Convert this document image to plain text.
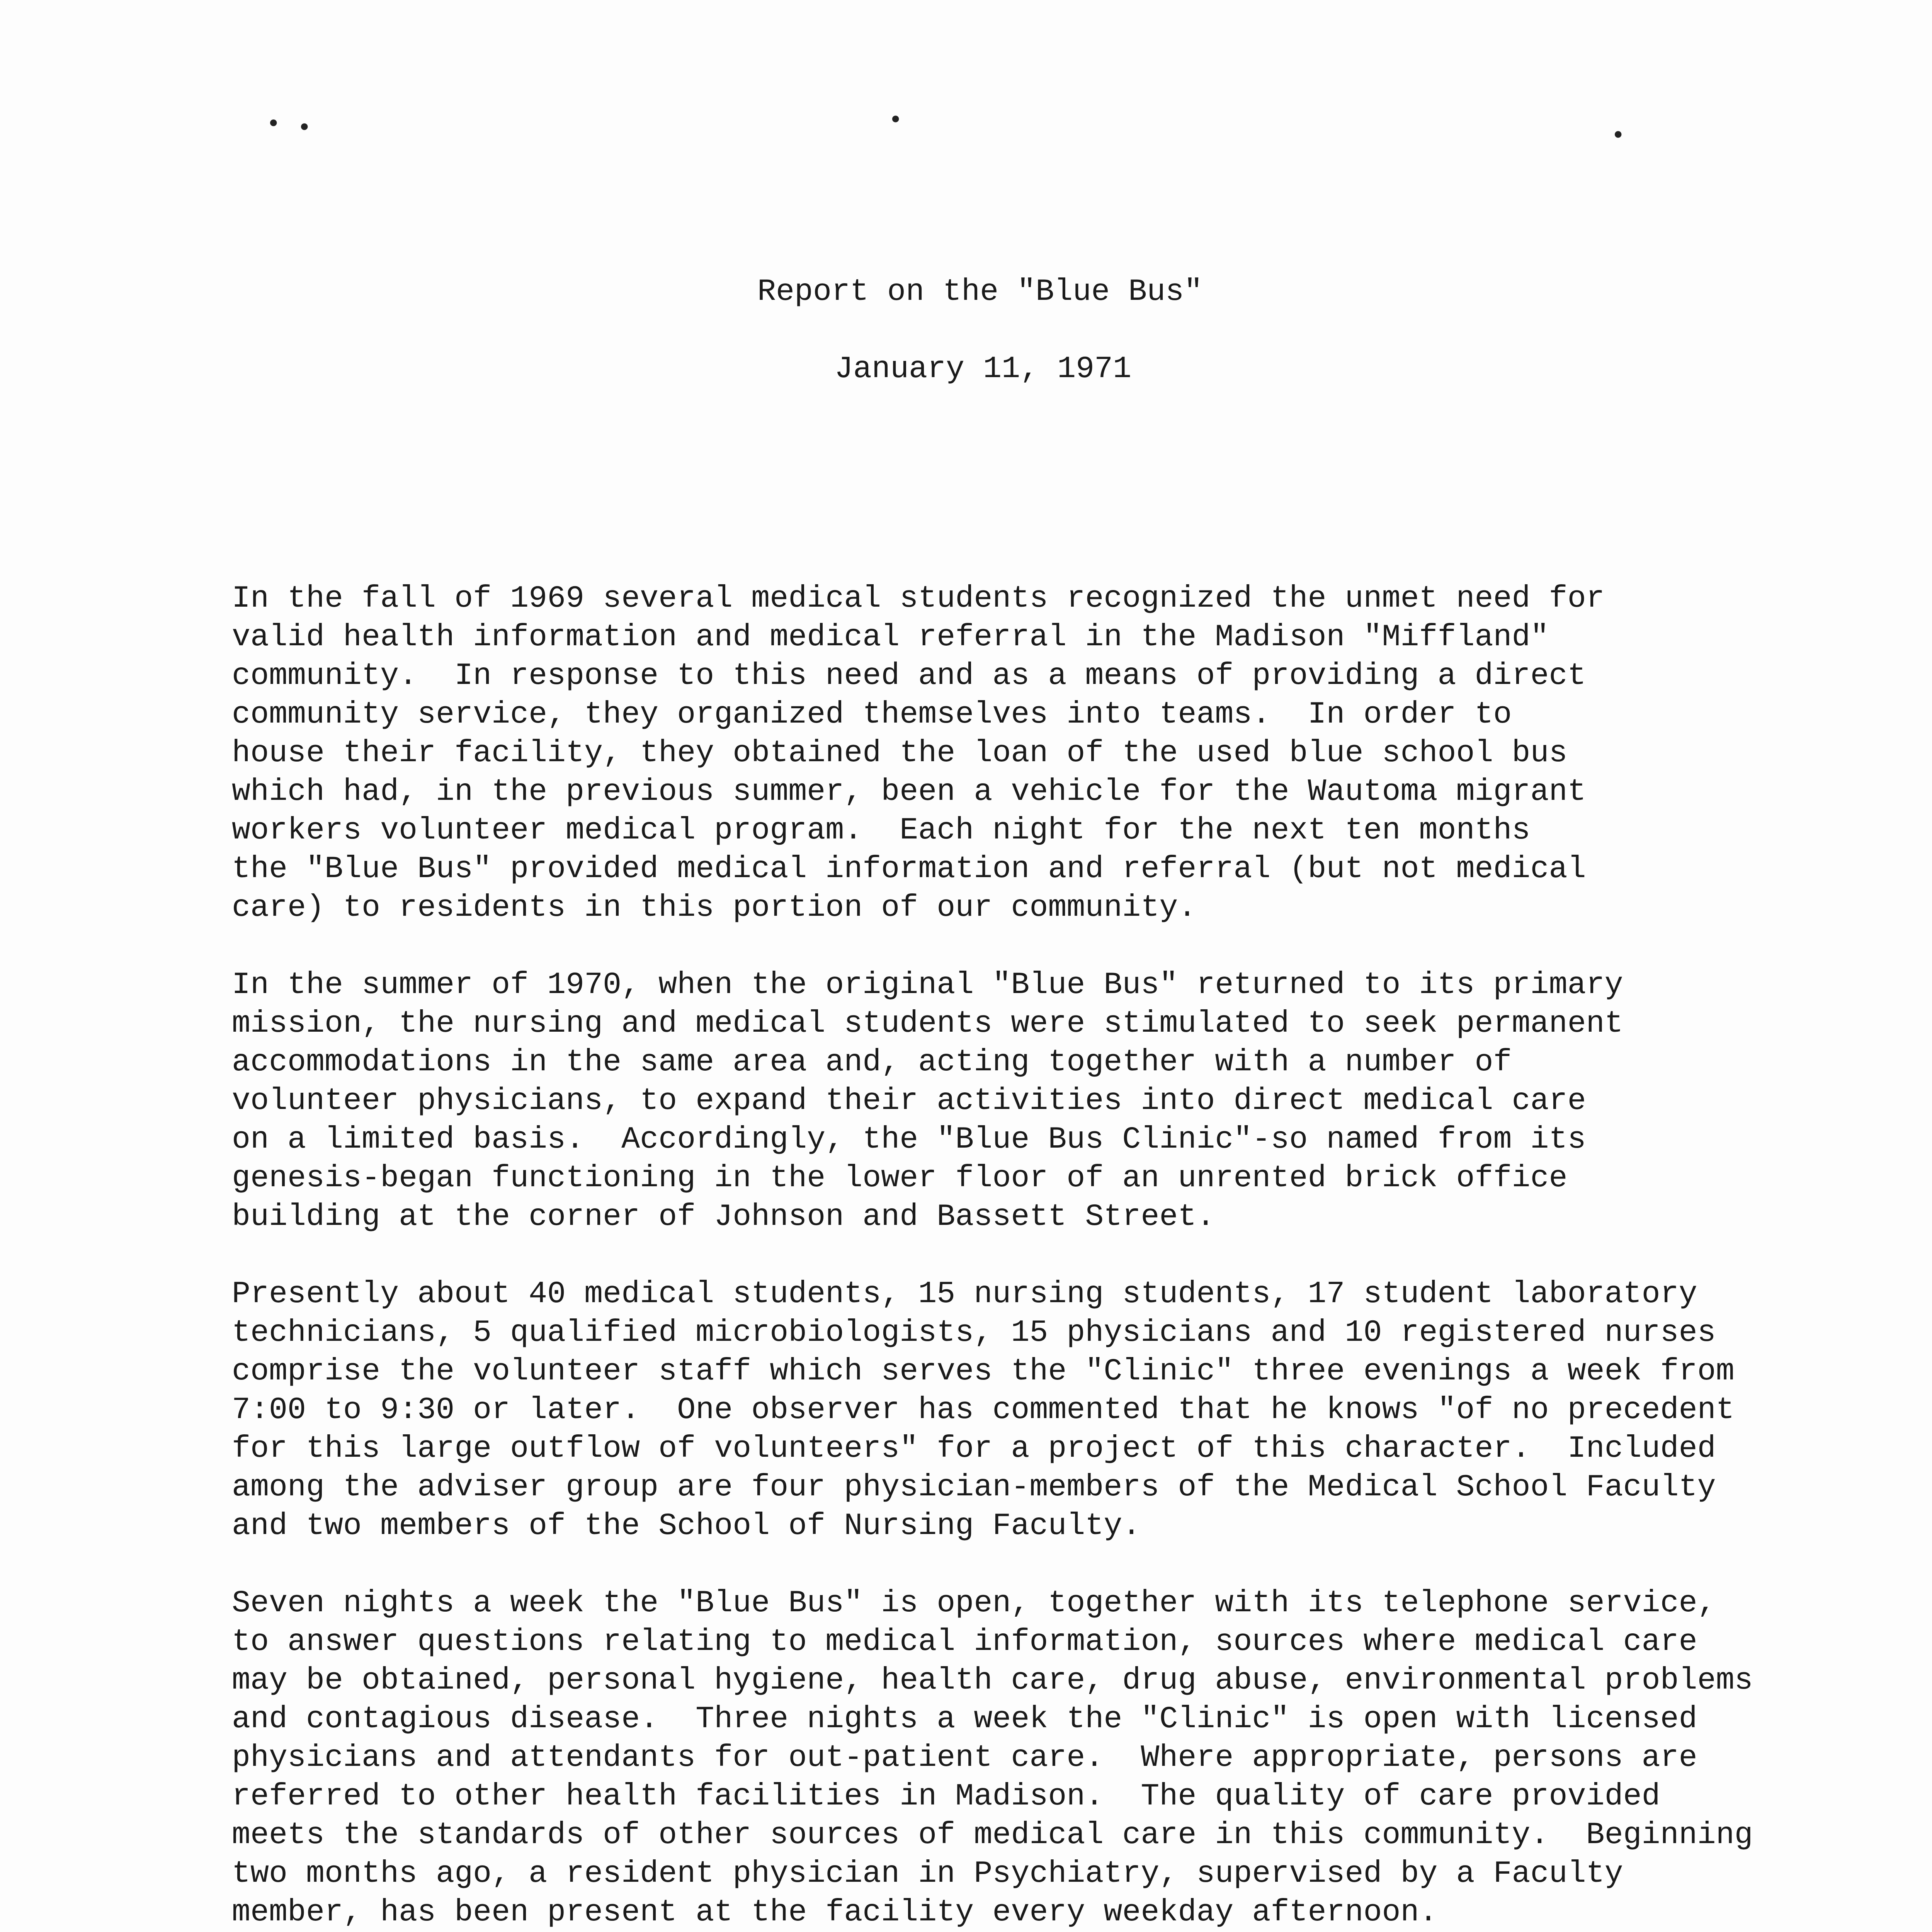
• •	•
•
Report on the "Blue Bus"
January 11, 1971

In the fall of 1969 several medical students recognized the unmet need for
valid health information and medical referral in the Madison "Miffland"
community.  In response to this need and as a means of providing a direct
community service, they organized themselves into teams.  In order to
house their facility, they obtained the loan of the used blue school bus
which had, in the previous summer, been a vehicle for the Wautoma migrant
workers volunteer medical program.  Each night for the next ten months
the "Blue Bus" provided medical information and referral (but not medical
care) to residents in this portion of our community.

In the summer of 1970, when the original "Blue Bus" returned to its primary
mission, the nursing and medical students were stimulated to seek permanent
accommodations in the same area and, acting together with a number of
volunteer physicians, to expand their activities into direct medical care
on a limited basis.  Accordingly, the "Blue Bus Clinic"-so named from its
genesis-began functioning in the lower floor of an unrented brick office
building at the corner of Johnson and Bassett Street.

Presently about 40 medical students, 15 nursing students, 17 student laboratory
technicians, 5 qualified microbiologists, 15 physicians and 10 registered nurses
comprise the volunteer staff which serves the "Clinic" three evenings a week from
7:00 to 9:30 or later.  One observer has commented that he knows "of no precedent
for this large outflow of volunteers" for a project of this character.  Included
among the adviser group are four physician-members of the Medical School Faculty
and two members of the School of Nursing Faculty.

Seven nights a week the "Blue Bus" is open, together with its telephone service,
to answer questions relating to medical information, sources where medical care
may be obtained, personal hygiene, health care, drug abuse, environmental problems
and contagious disease.  Three nights a week the "Clinic" is open with licensed
physicians and attendants for out-patient care.  Where appropriate, persons are
referred to other health facilities in Madison.  The quality of care provided
meets the standards of other sources of medical care in this community.  Beginning
two months ago, a resident physician in Psychiatry, supervised by a Faculty
member, has been present at the facility every weekday afternoon.
